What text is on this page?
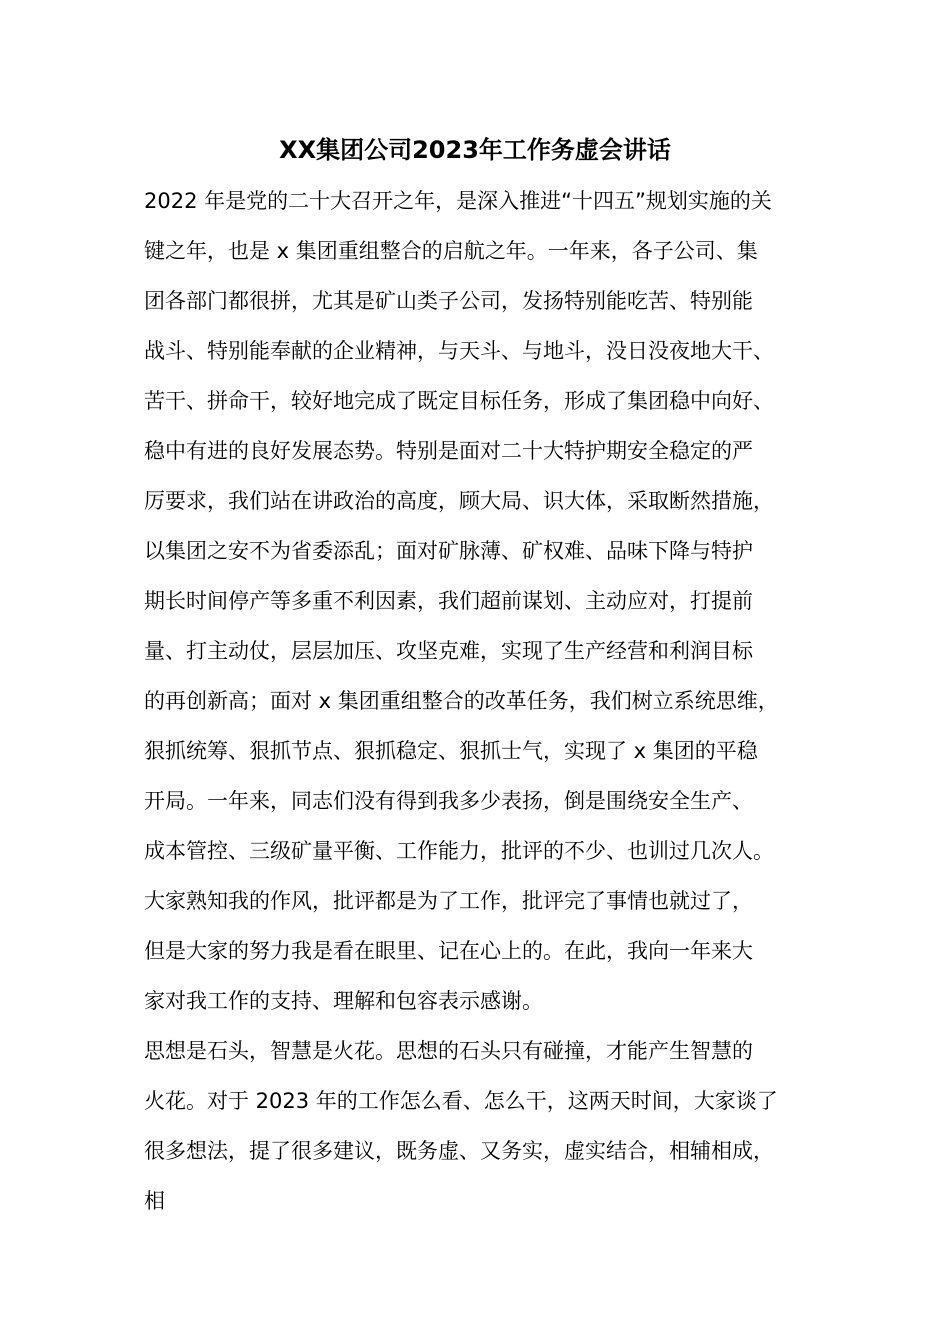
XX集团公司2023年工作务虚会讲话
2022 年是党的二十大召开之年，是深入推进“十四五”规划实施的关
键之年，也是 x 集团重组整合的启航之年。一年来，各子公司、集
团各部门都很拼，尤其是矿山类子公司，发扬特别能吃苦、特别能
战斗、特别能奉献的企业精神，与天斗、与地斗，没日没夜地大干、
苦干、拼命干，较好地完成了既定目标任务，形成了集团稳中向好、
稳中有进的良好发展态势。特别是面对二十大特护期安全稳定的严
厉要求，我们站在讲政治的高度，顾大局、识大体，采取断然措施，
以集团之安不为省委添乱；面对矿脉薄、矿权难、品味下降与特护
期长时间停产等多重不利因素，我们超前谋划、主动应对，打提前
量、打主动仗，层层加压、攻坚克难，实现了生产经营和利润目标
的再创新高；面对 x 集团重组整合的改革任务，我们树立系统思维，
狠抓统筹、狠抓节点、狠抓稳定、狠抓士气，实现了 x 集团的平稳
开局。一年来，同志们没有得到我多少表扬，倒是围绕安全生产、
成本管控、三级矿量平衡、工作能力，批评的不少、也训过几次人。
大家熟知我的作风，批评都是为了工作，批评完了事情也就过了，
但是大家的努力我是看在眼里、记在心上的。在此，我向一年来大
家对我工作的支持、理解和包容表示感谢。
思想是石头，智慧是火花。思想的石头只有碰撞，才能产生智慧的
火花。对于 2023 年的工作怎么看、怎么干，这两天时间，大家谈了
很多想法，提了很多建议，既务虚、又务实，虚实结合，相辅相成，
相
